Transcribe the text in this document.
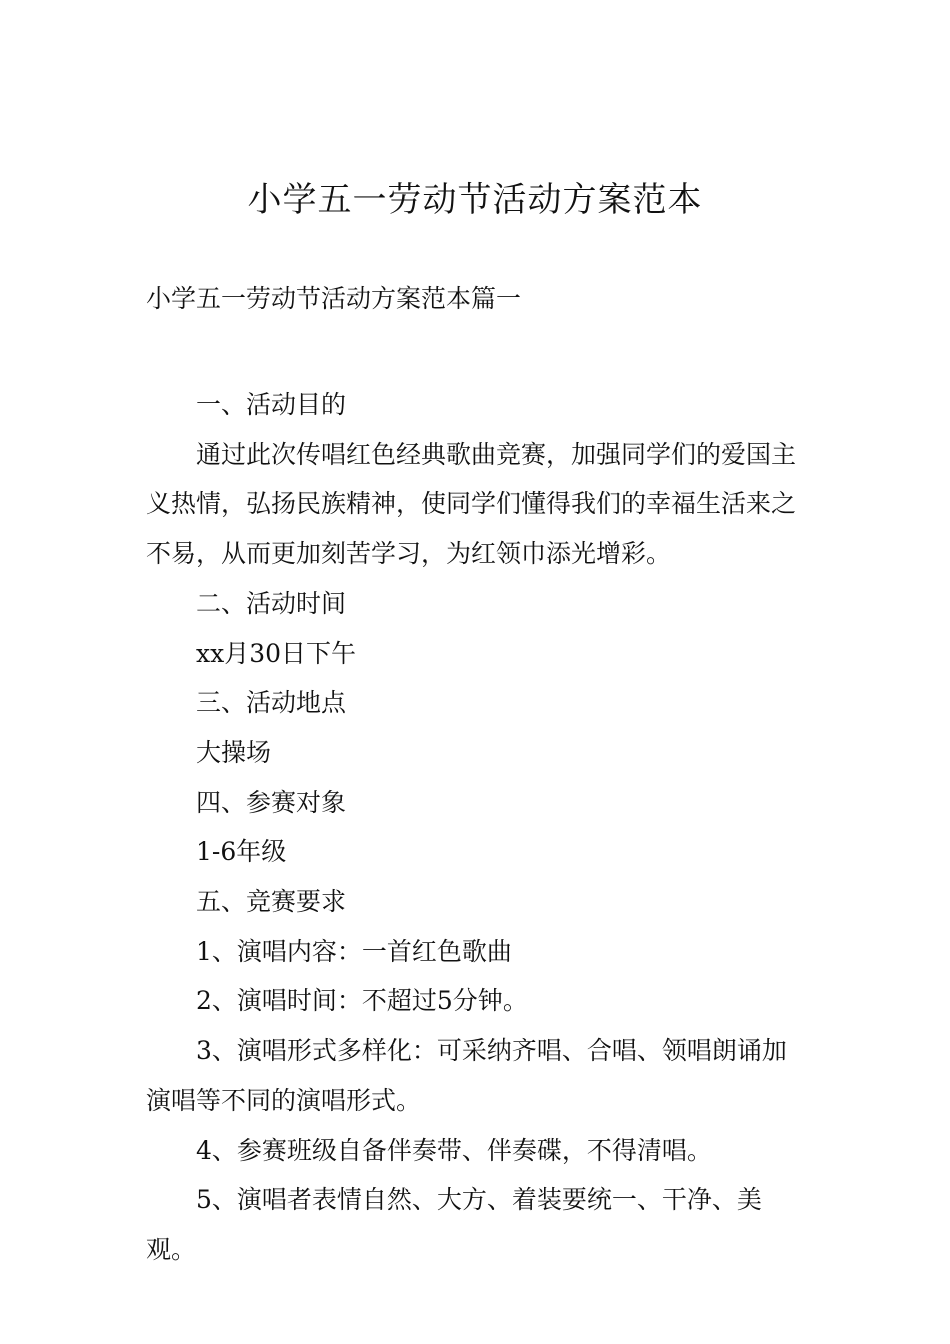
小学五一劳动节活动方案范本
小学五一劳动节活动方案范本篇一

一、活动目的

通过此次传唱红色经典歌曲竞赛，加强同学们的爱国主义热情，弘扬民族精神，使同学们懂得我们的幸福生活来之不易，从而更加刻苦学习，为红领巾添光增彩。

二、活动时间

xx月30日下午

三、活动地点

大操场

四、参赛对象

1-6年级

五、竞赛要求

1、演唱内容：一首红色歌曲

2、演唱时间：不超过5分钟。

3、演唱形式多样化：可采纳齐唱、合唱、领唱朗诵加演唱等不同的演唱形式。

4、参赛班级自备伴奏带、伴奏碟，不得清唱。

5、演唱者表情自然、大方、着装要统一、干净、美观。
